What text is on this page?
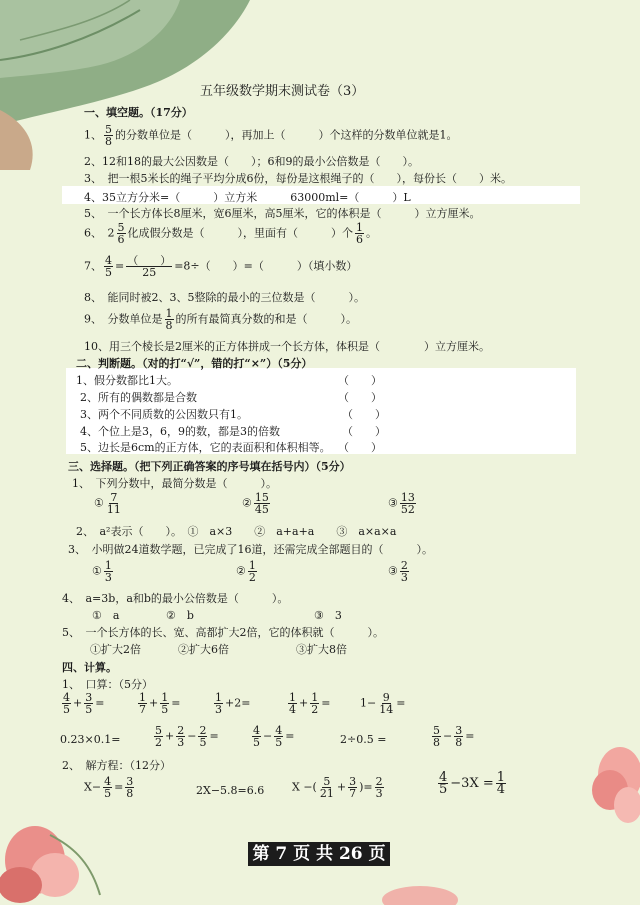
五年级数学期末测试卷（3）
一、填空题。（17分）
1、 $\frac{5}{8}$ 的分数单位是（　　　），再加上（　　　）个这样的分数单位就是1。
2、12和18的最大公因数是（　　）；6和9的最小公倍数是（　　）。
3、　把一根5米长的绳子平均分成6份，每份是这根绳子的（　　），每份长（　　）米。
4、35立方分米=（　　　）立方米　　　63000ml=（　　　）L
5、　一个长方体长8厘米，宽6厘米，高5厘米，它的体积是（　　　）立方厘米。
6、　$2 \frac{5}{6}$ 化成假分数是（　　　），里面有（　　　）个 $\frac{1}{6}$ 。
7、 $\frac{4}{5} = \frac{( )}{25} =8\div$（　　）=（　　　）（填小数）
8、　能同时被2、3、5整除的最小的三位数是（　　　）。
9、　分数单位是 $\frac{1}{8}$ 的所有最简真分数的和是（　　　）。
10、用三个棱长是2厘米的正方体拼成一个长方体，体积是（　　　　）立方厘米。
二、判断题。（对的打“√”，错的打“×”）（5分）
1、假分数都比1大。	（　　）
2、所有的偶数都是合数	（　　）
3、两个不同质数的公因数只有1。	（　　）
4、个位上是3，6，9的数，都是3的倍数	（　　）
5、边长是6cm的正方体，它的表面积和体积相等。 （　　）
三、选择题。（把下列正确答案的序号填在括号内）（5分）
1、　下列分数中，最简分数是（　　　）。
① $\frac{7}{11}$	② $\frac{15}{45}$	③ $\frac{13}{52}$
2、　a²表示（　　）。　①　a×3　　②　a+a+a　　③　a×a×a
3、　小明做24道数学题，已完成了16道，还需完成全部题目的（　　　）。
① $\frac{1}{3}$	② $\frac{1}{2}$	③ $\frac{2}{3}$
4、　a=3b，a和b的最小公倍数是（　　　）。
①　a	②　b	③　3
5、　一个长方体的长、宽、高都扩大2倍，它的体积就（　　　）。
①扩大2倍	②扩大6倍	③扩大8倍
四、计算。
1、　口算：（5分）
$\frac{4}{5} + \frac{3}{5}$ =	$\frac{1}{7} + \frac{1}{5}$ =	$\frac{1}{3} +2=$	$\frac{1}{4} + \frac{1}{2}$ =	$1- \frac{9}{14}$ =
0.23×0.1=	$\frac{5}{2} + \frac{2}{3} - \frac{2}{5}$ =	$\frac{4}{5} - \frac{4}{5}$ =	2÷0.5 =	$\frac{5}{8} - \frac{3}{8}$ =
2、　解方程：（12分）
$X- \frac{4}{5} = \frac{3}{8}$	2X−5.8=6.6	X −( $\frac{5}{21} + \frac{3}{7}$ )= $\frac{2}{3}$	$\frac{4}{5} -3X = \frac{1}{4}$
第 7 页 共 26 页
